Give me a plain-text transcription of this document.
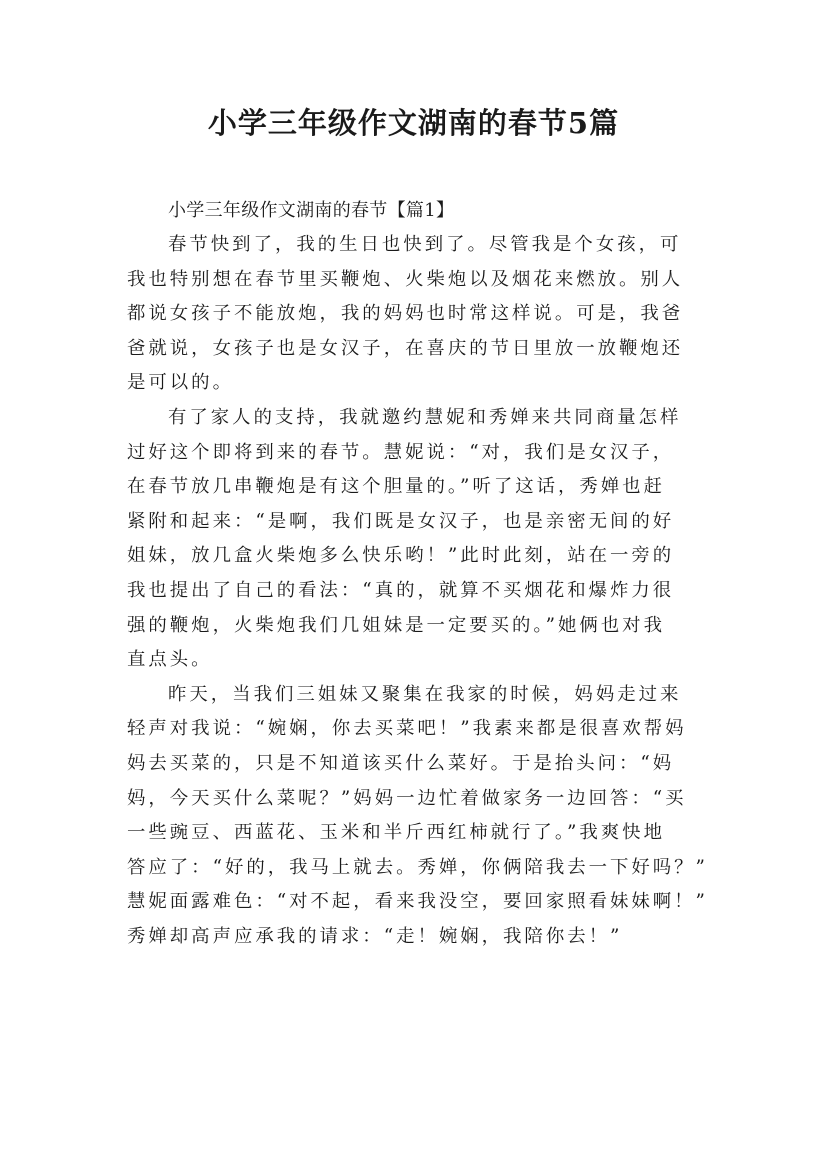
小学三年级作文湖南的春节5篇

小学三年级作文湖南的春节【篇1】

春节快到了，我的生日也快到了。尽管我是个女孩，可
我也特别想在春节里买鞭炮、火柴炮以及烟花来燃放。别人
都说女孩子不能放炮，我的妈妈也时常这样说。可是，我爸
爸就说，女孩子也是女汉子，在喜庆的节日里放一放鞭炮还
是可以的。

有了家人的支持，我就邀约慧妮和秀婵来共同商量怎样
过好这个即将到来的春节。慧妮说：“对，我们是女汉子，
在春节放几串鞭炮是有这个胆量的。”听了这话，秀婵也赶
紧附和起来：“是啊，我们既是女汉子，也是亲密无间的好
姐妹，放几盒火柴炮多么快乐哟！”此时此刻，站在一旁的
我也提出了自己的看法：“真的，就算不买烟花和爆炸力很
强的鞭炮，火柴炮我们几姐妹是一定要买的。”她俩也对我
直点头。

昨天，当我们三姐妹又聚集在我家的时候，妈妈走过来
轻声对我说：“婉娴，你去买菜吧！”我素来都是很喜欢帮妈
妈去买菜的，只是不知道该买什么菜好。于是抬头问：“妈
妈，今天买什么菜呢？”妈妈一边忙着做家务一边回答：“买
一些豌豆、西蓝花、玉米和半斤西红柿就行了。”我爽快地
答应了：“好的，我马上就去。秀婵，你俩陪我去一下好吗？”
慧妮面露难色：“对不起，看来我没空，要回家照看妹妹啊！”
秀婵却高声应承我的请求：“走！婉娴，我陪你去！”
